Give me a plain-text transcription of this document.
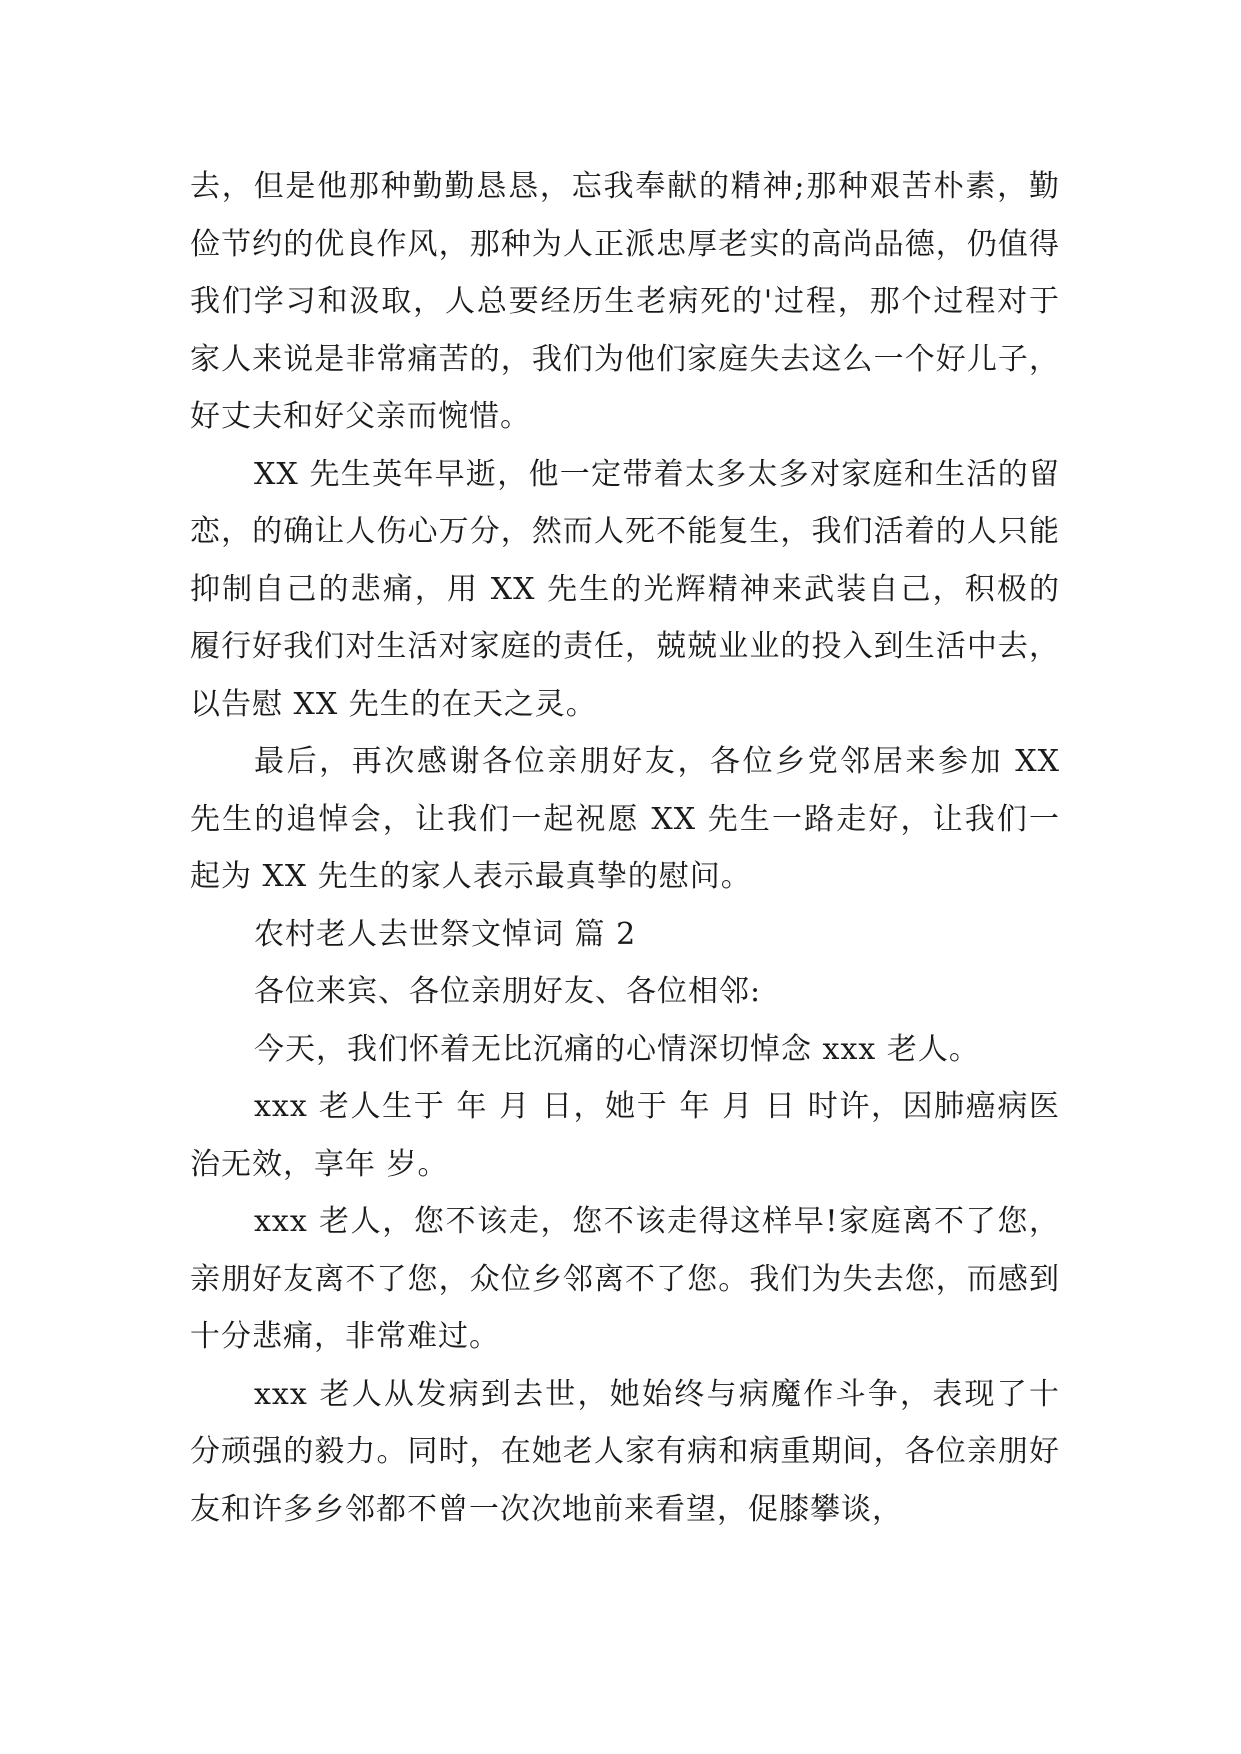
去，但是他那种勤勤恳恳，忘我奉献的精神;那种艰苦朴素，勤俭节约的优良作风，那种为人正派忠厚老实的高尚品德，仍值得我们学习和汲取，人总要经历生老病死的'过程，那个过程对于家人来说是非常痛苦的，我们为他们家庭失去这么一个好儿子，好丈夫和好父亲而惋惜。

XX 先生英年早逝，他一定带着太多太多对家庭和生活的留恋，的确让人伤心万分，然而人死不能复生，我们活着的人只能抑制自己的悲痛，用 XX 先生的光辉精神来武装自己，积极的履行好我们对生活对家庭的责任，兢兢业业的投入到生活中去，以告慰 XX 先生的在天之灵。

最后，再次感谢各位亲朋好友，各位乡党邻居来参加 XX 先生的追悼会，让我们一起祝愿 XX 先生一路走好，让我们一起为 XX 先生的家人表示最真挚的慰问。

农村老人去世祭文悼词 篇 2

各位来宾、各位亲朋好友、各位相邻:

今天，我们怀着无比沉痛的心情深切悼念 xxx 老人。

xxx 老人生于 年 月 日，她于 年 月 日 时许，因肺癌病医治无效，享年 岁。

xxx 老人，您不该走，您不该走得这样早!家庭离不了您，亲朋好友离不了您，众位乡邻离不了您。我们为失去您，而感到十分悲痛，非常难过。

xxx 老人从发病到去世，她始终与病魔作斗争，表现了十分顽强的毅力。同时，在她老人家有病和病重期间，各位亲朋好友和许多乡邻都不曾一次次地前来看望，促膝攀谈，
